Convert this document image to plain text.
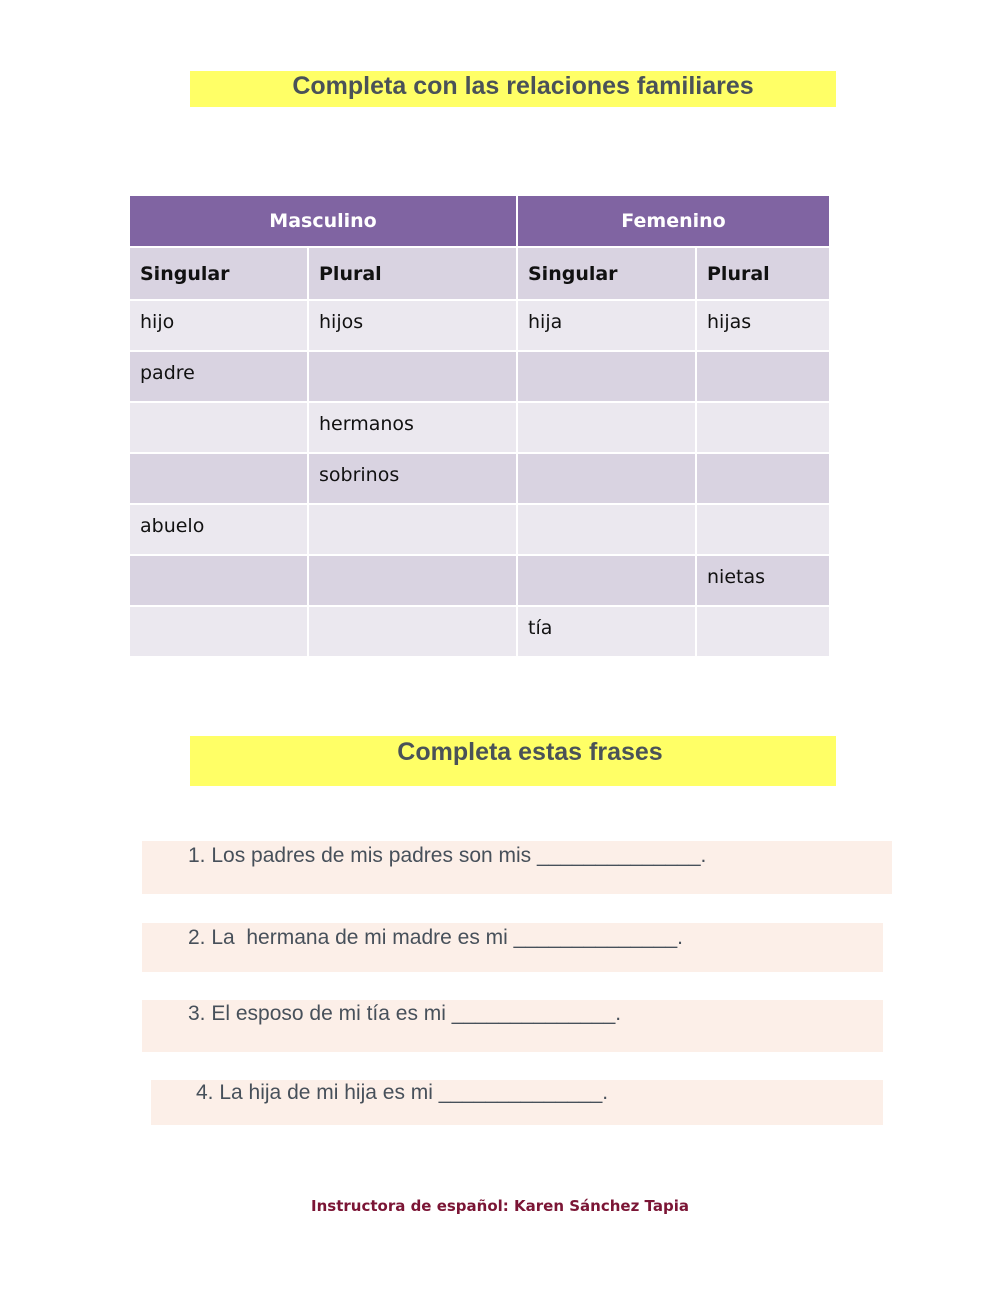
Completa con las relaciones familiares
Masculino		Femenino	
Singular	Plural	Singular	Plural
hijo	hijos	hija	hijas
padre			
	hermanos		
	sobrinos		
abuelo			
			nietas
		tía	
Completa estas frases
1. Los padres de mis padres son mis ______________.
2. La  hermana de mi madre es mi ______________.
3. El esposo de mi tía es mi ______________.
4. La hija de mi hija es mi ______________.
Instructora de español: Karen Sánchez Tapia
